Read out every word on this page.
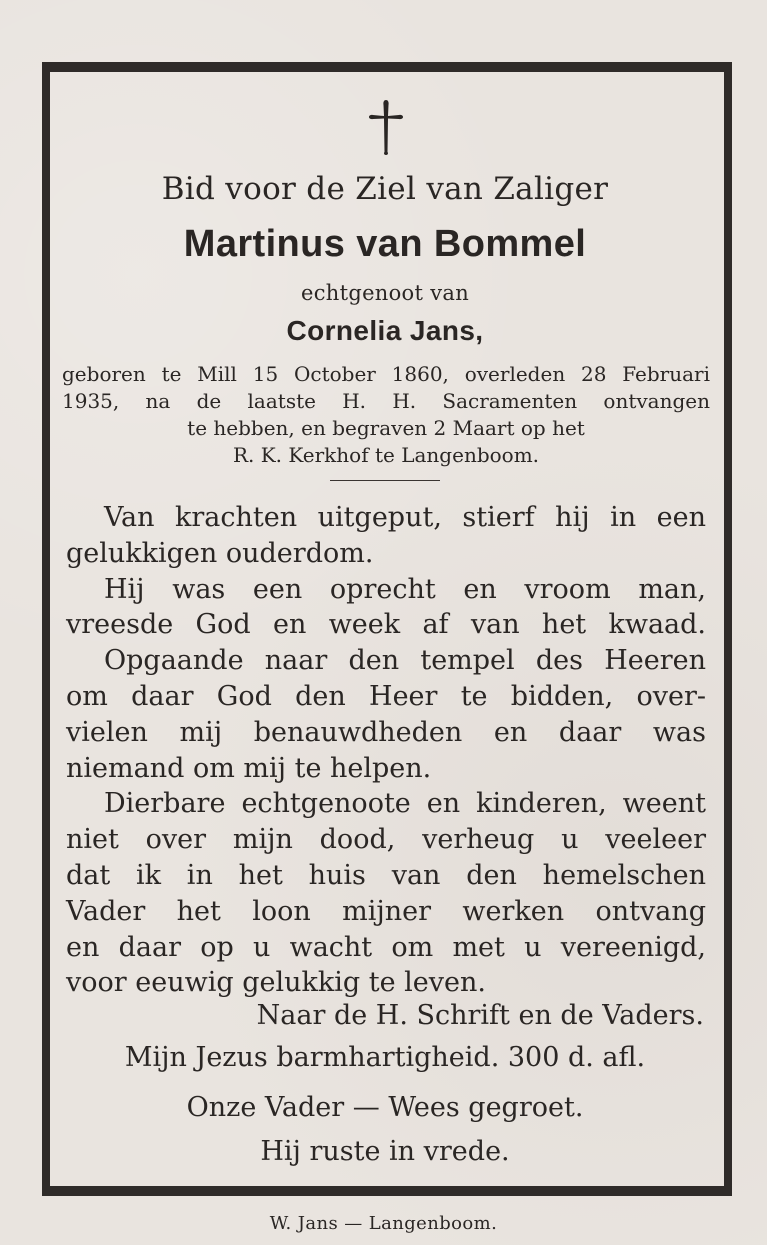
Bid voor de Ziel van Zaliger
Martinus van Bommel
echtgenoot van
Cornelia Jans,
geboren te Mill 15 October 1860, overleden 28 Februari
1935, na de laatste H. H. Sacramenten ontvangen
te hebben, en begraven 2 Maart op het
R. K. Kerkhof te Langenboom.
Van krachten uitgeput, stierf hij in een
gelukkigen ouderdom.
Hij was een oprecht en vroom man,
vreesde God en week af van het kwaad.
Opgaande naar den tempel des Heeren
om daar God den Heer te bidden, over-
vielen mij benauwdheden en daar was
niemand om mij te helpen.
Dierbare echtgenoote en kinderen, weent
niet over mijn dood, verheug u veeleer
dat ik in het huis van den hemelschen
Vader het loon mijner werken ontvang
en daar op u wacht om met u vereenigd,
voor eeuwig gelukkig te leven.
Naar de H. Schrift en de Vaders.
Mijn Jezus barmhartigheid. 300 d. afl.
Onze Vader — Wees gegroet.
Hij ruste in vrede.
W. Jans — Langenboom.
